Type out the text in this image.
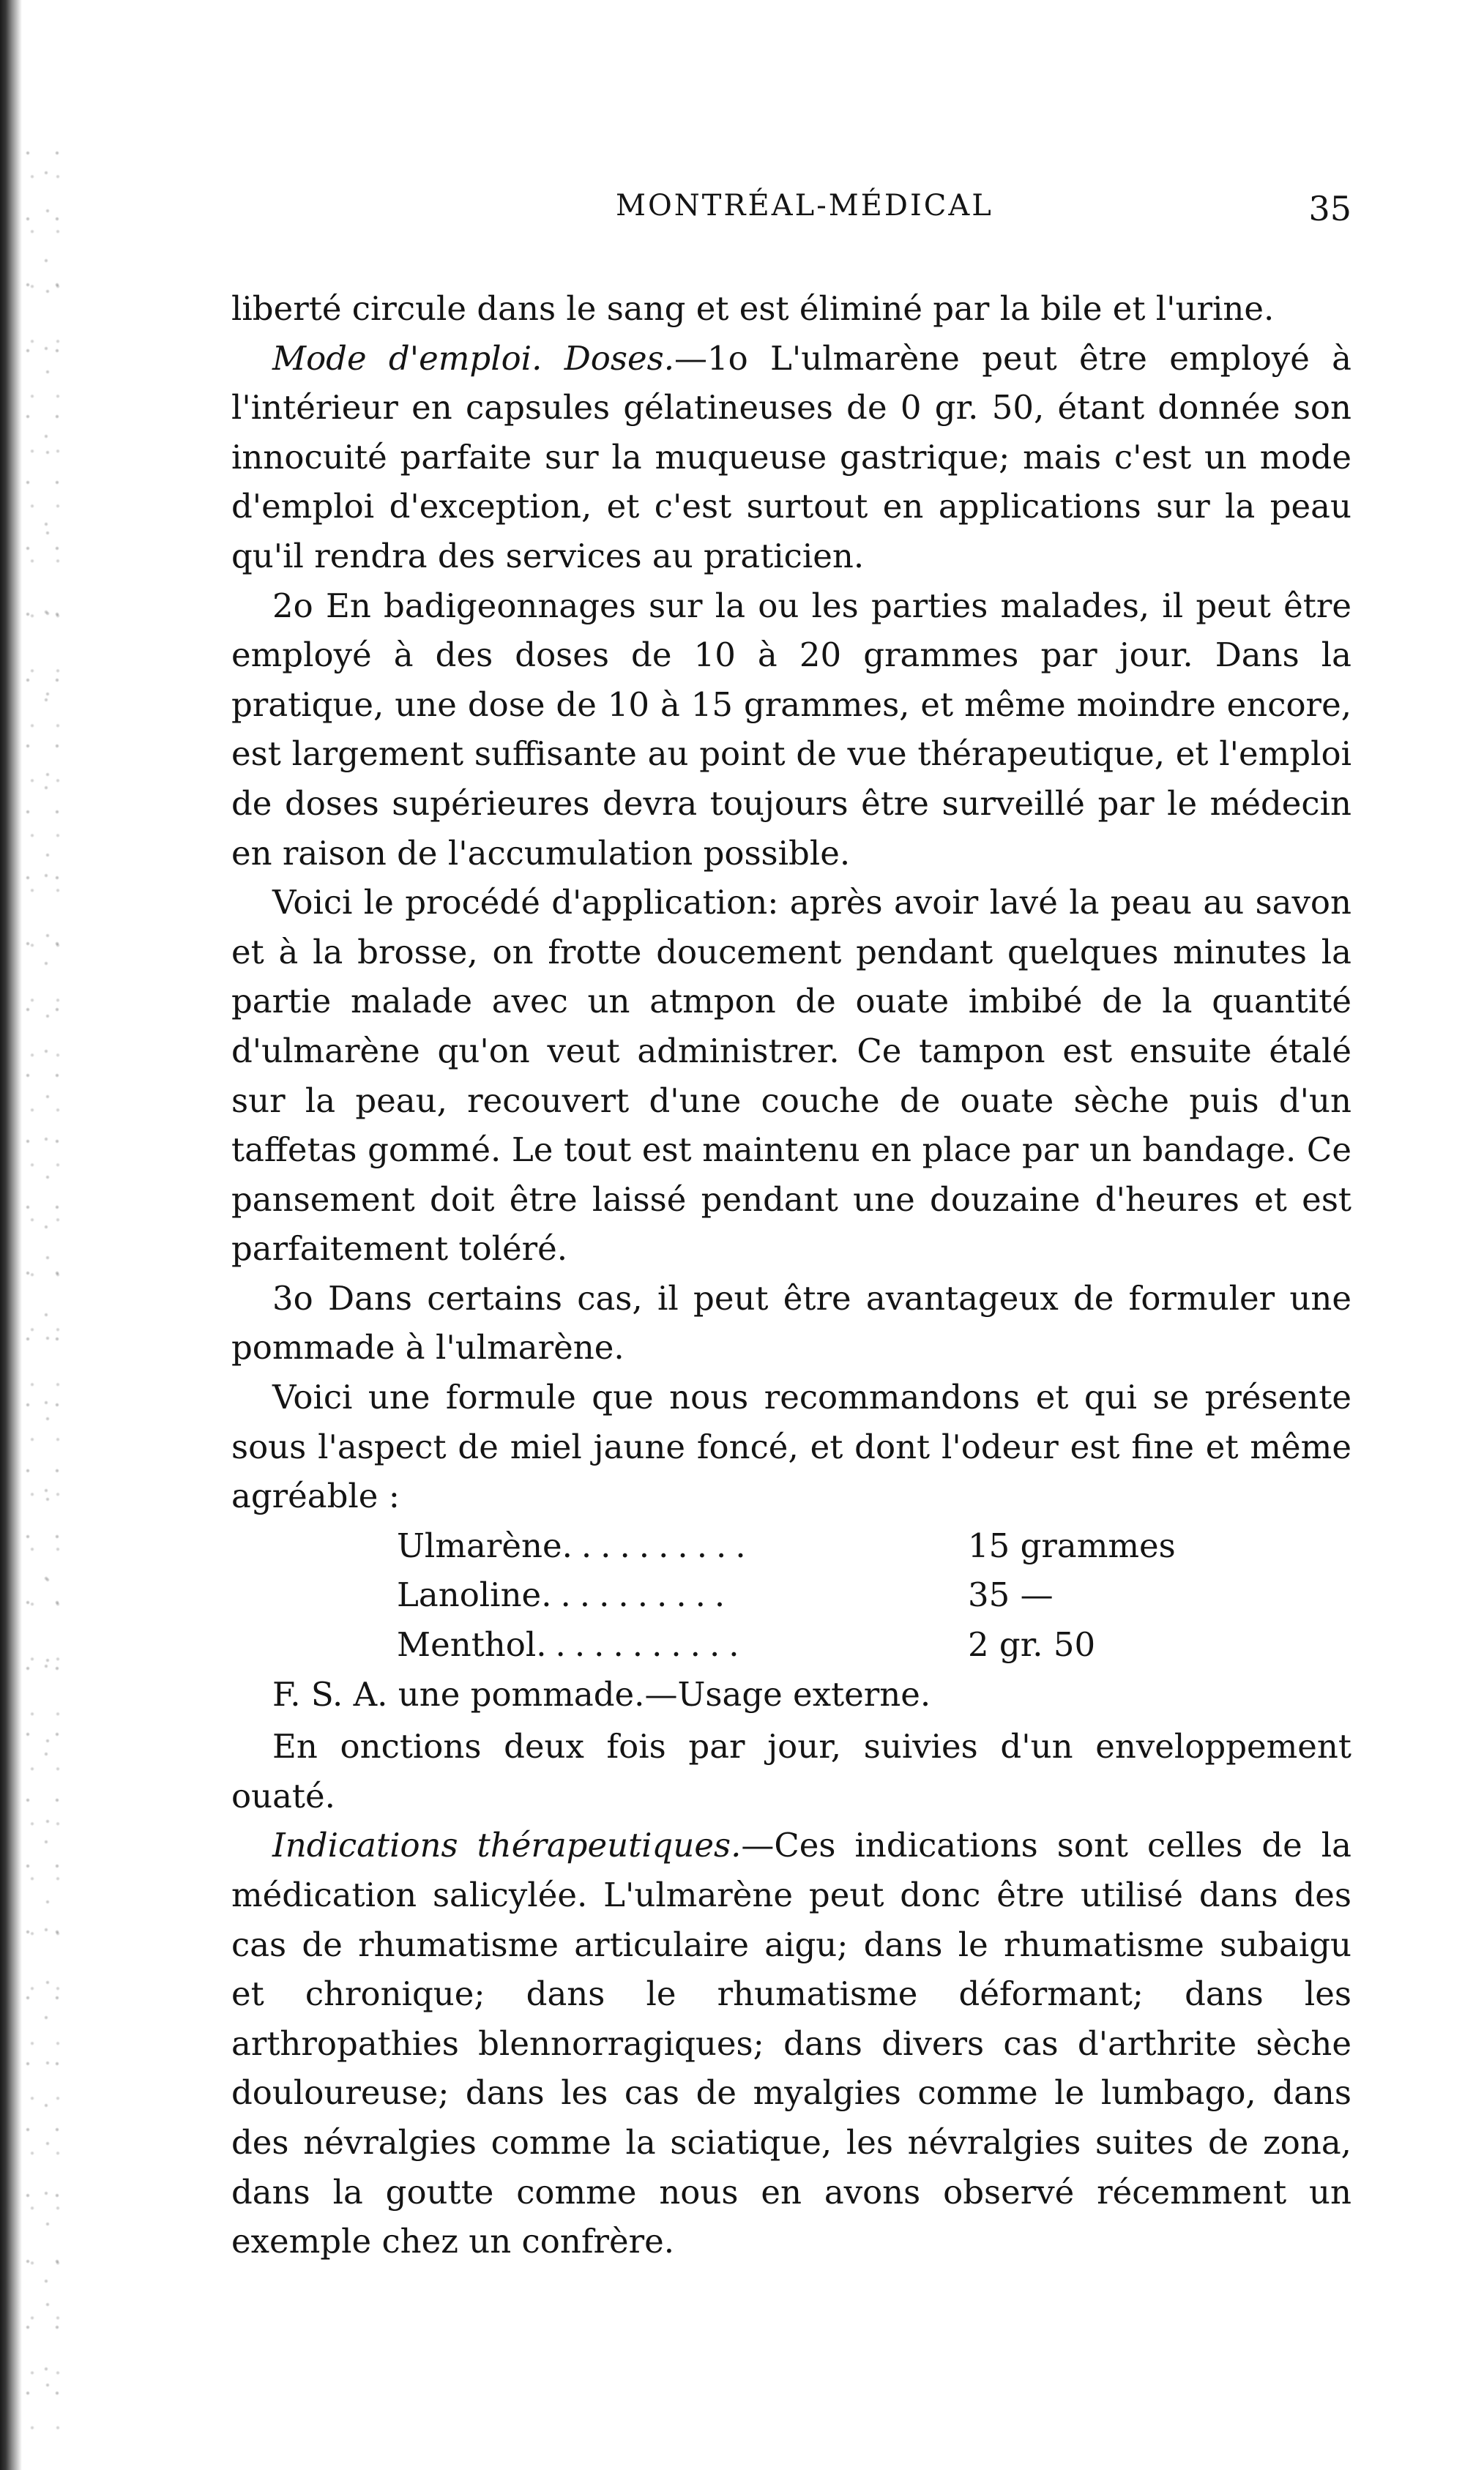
MONTRÉAL-MÉDICAL	35

liberté circule dans le sang et est éliminé par la bile et l'urine.

Mode d'emploi. Doses.—1o L'ulmarène peut être employé à l'intérieur en capsules gélatineuses de 0 gr. 50, étant donnée son innocuité parfaite sur la muqueuse gastrique; mais c'est un mode d'emploi d'exception, et c'est surtout en applications sur la peau qu'il rendra des services au praticien.

2o En badigeonnages sur la ou les parties malades, il peut être employé à des doses de 10 à 20 grammes par jour. Dans la pratique, une dose de 10 à 15 grammes, et même moindre encore, est largement suffisante au point de vue thérapeutique, et l'emploi de doses supérieures devra toujours être surveillé par le médecin en raison de l'accumulation possible.

Voici le procédé d'application: après avoir lavé la peau au savon et à la brosse, on frotte doucement pendant quelques minutes la partie malade avec un atmpon de ouate imbibé de la quantité d'ulmarène qu'on veut administrer. Ce tampon est ensuite étalé sur la peau, recouvert d'une couche de ouate sèche puis d'un taffetas gommé. Le tout est maintenu en place par un bandage. Ce pansement doit être laissé pendant une douzaine d'heures et est parfaitement toléré.

3o Dans certains cas, il peut être avantageux de formuler une pommade à l'ulmarène.

Voici une formule que nous recommandons et qui se présente sous l'aspect de miel jaune foncé, et dont l'odeur est fine et même agréable :

Ulmarène..........	15 grammes
Lanoline..........	35 —
Menthol...........	2 gr. 50

F. S. A. une pommade.—Usage externe.

En onctions deux fois par jour, suivies d'un enveloppement ouaté.

Indications thérapeutiques.—Ces indications sont celles de la médication salicylée. L'ulmarène peut donc être utilisé dans des cas de rhumatisme articulaire aigu; dans le rhumatisme subaigu et chronique; dans le rhumatisme déformant; dans les arthropathies blennorragiques; dans divers cas d'arthrite sèche douloureuse; dans les cas de myalgies comme le lumbago, dans des névralgies comme la sciatique, les névralgies suites de zona, dans la goutte comme nous en avons observé récemment un exemple chez un confrère.
